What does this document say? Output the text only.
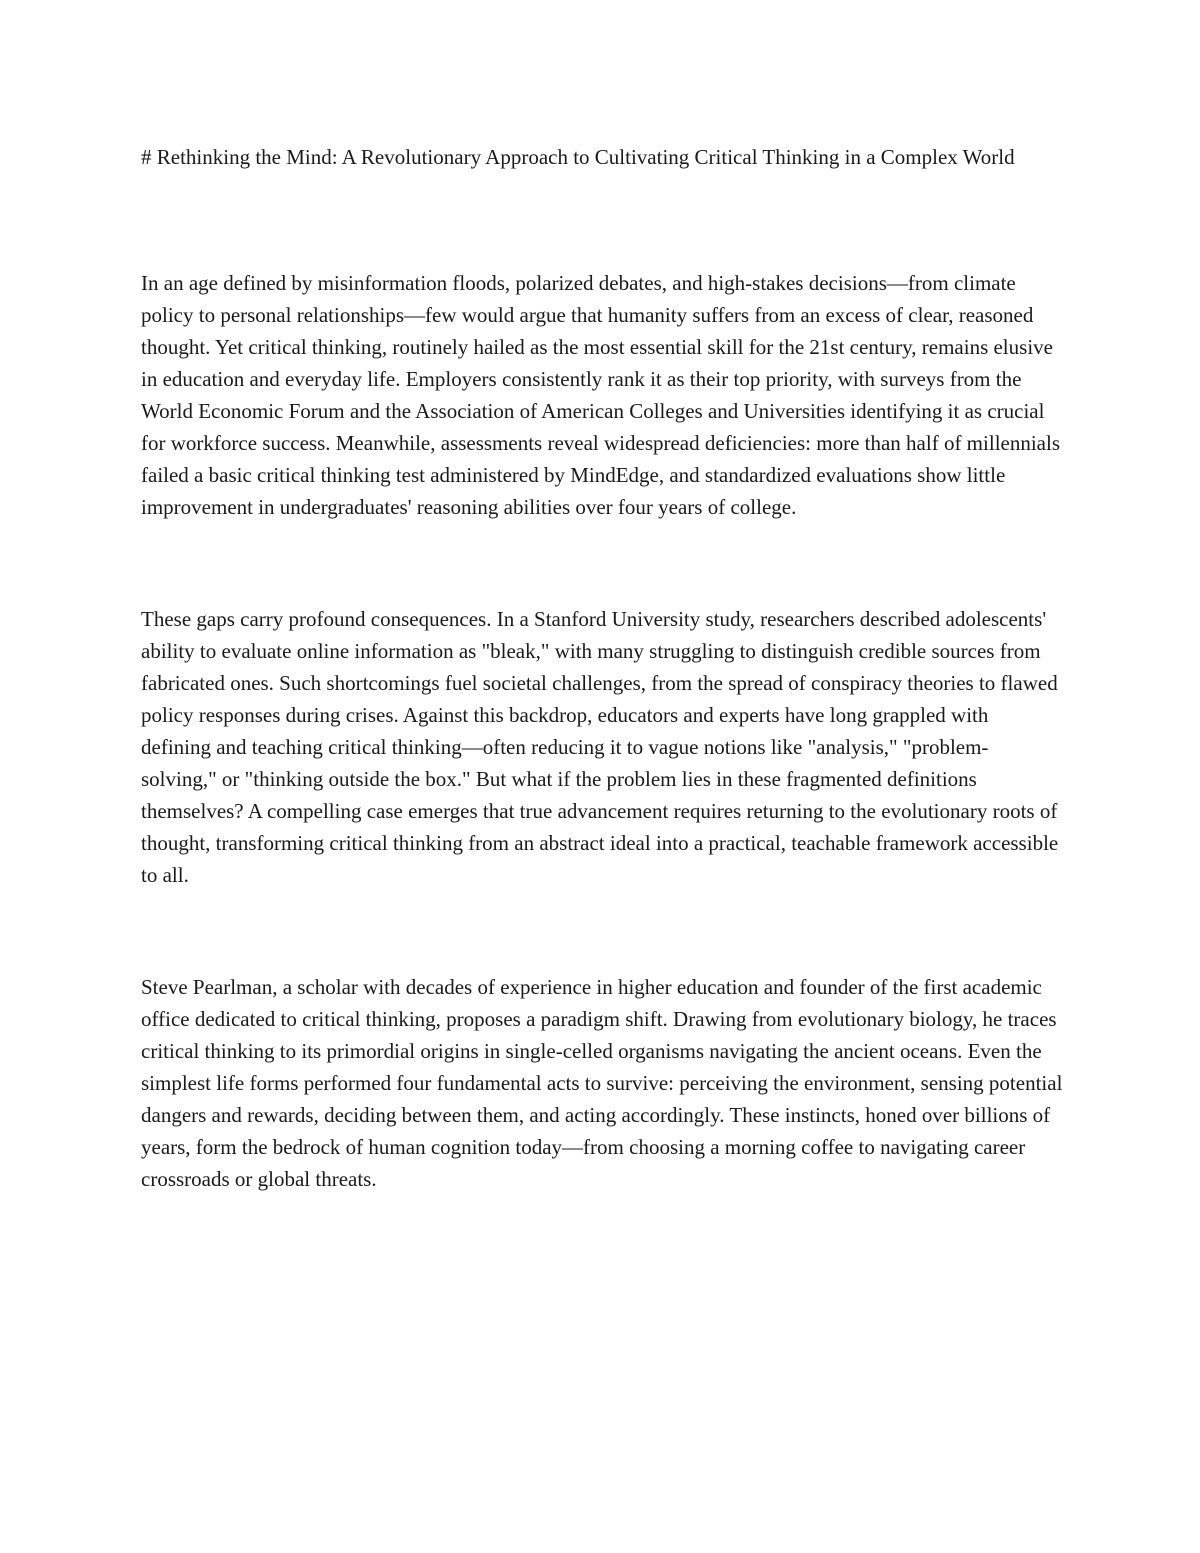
# Rethinking the Mind: A Revolutionary Approach to Cultivating Critical Thinking in a Complex World

In an age defined by misinformation floods, polarized debates, and high-stakes decisions—from climate policy to personal relationships—few would argue that humanity suffers from an excess of clear, reasoned thought. Yet critical thinking, routinely hailed as the most essential skill for the 21st century, remains elusive in education and everyday life. Employers consistently rank it as their top priority, with surveys from the World Economic Forum and the Association of American Colleges and Universities identifying it as crucial for workforce success. Meanwhile, assessments reveal widespread deficiencies: more than half of millennials failed a basic critical thinking test administered by MindEdge, and standardized evaluations show little improvement in undergraduates' reasoning abilities over four years of college.

These gaps carry profound consequences. In a Stanford University study, researchers described adolescents' ability to evaluate online information as "bleak," with many struggling to distinguish credible sources from fabricated ones. Such shortcomings fuel societal challenges, from the spread of conspiracy theories to flawed policy responses during crises. Against this backdrop, educators and experts have long grappled with defining and teaching critical thinking—often reducing it to vague notions like "analysis," "problem-solving," or "thinking outside the box." But what if the problem lies in these fragmented definitions themselves? A compelling case emerges that true advancement requires returning to the evolutionary roots of thought, transforming critical thinking from an abstract ideal into a practical, teachable framework accessible to all.

Steve Pearlman, a scholar with decades of experience in higher education and founder of the first academic office dedicated to critical thinking, proposes a paradigm shift. Drawing from evolutionary biology, he traces critical thinking to its primordial origins in single-celled organisms navigating the ancient oceans. Even the simplest life forms performed four fundamental acts to survive: perceiving the environment, sensing potential dangers and rewards, deciding between them, and acting accordingly. These instincts, honed over billions of years, form the bedrock of human cognition today—from choosing a morning coffee to navigating career crossroads or global threats.
